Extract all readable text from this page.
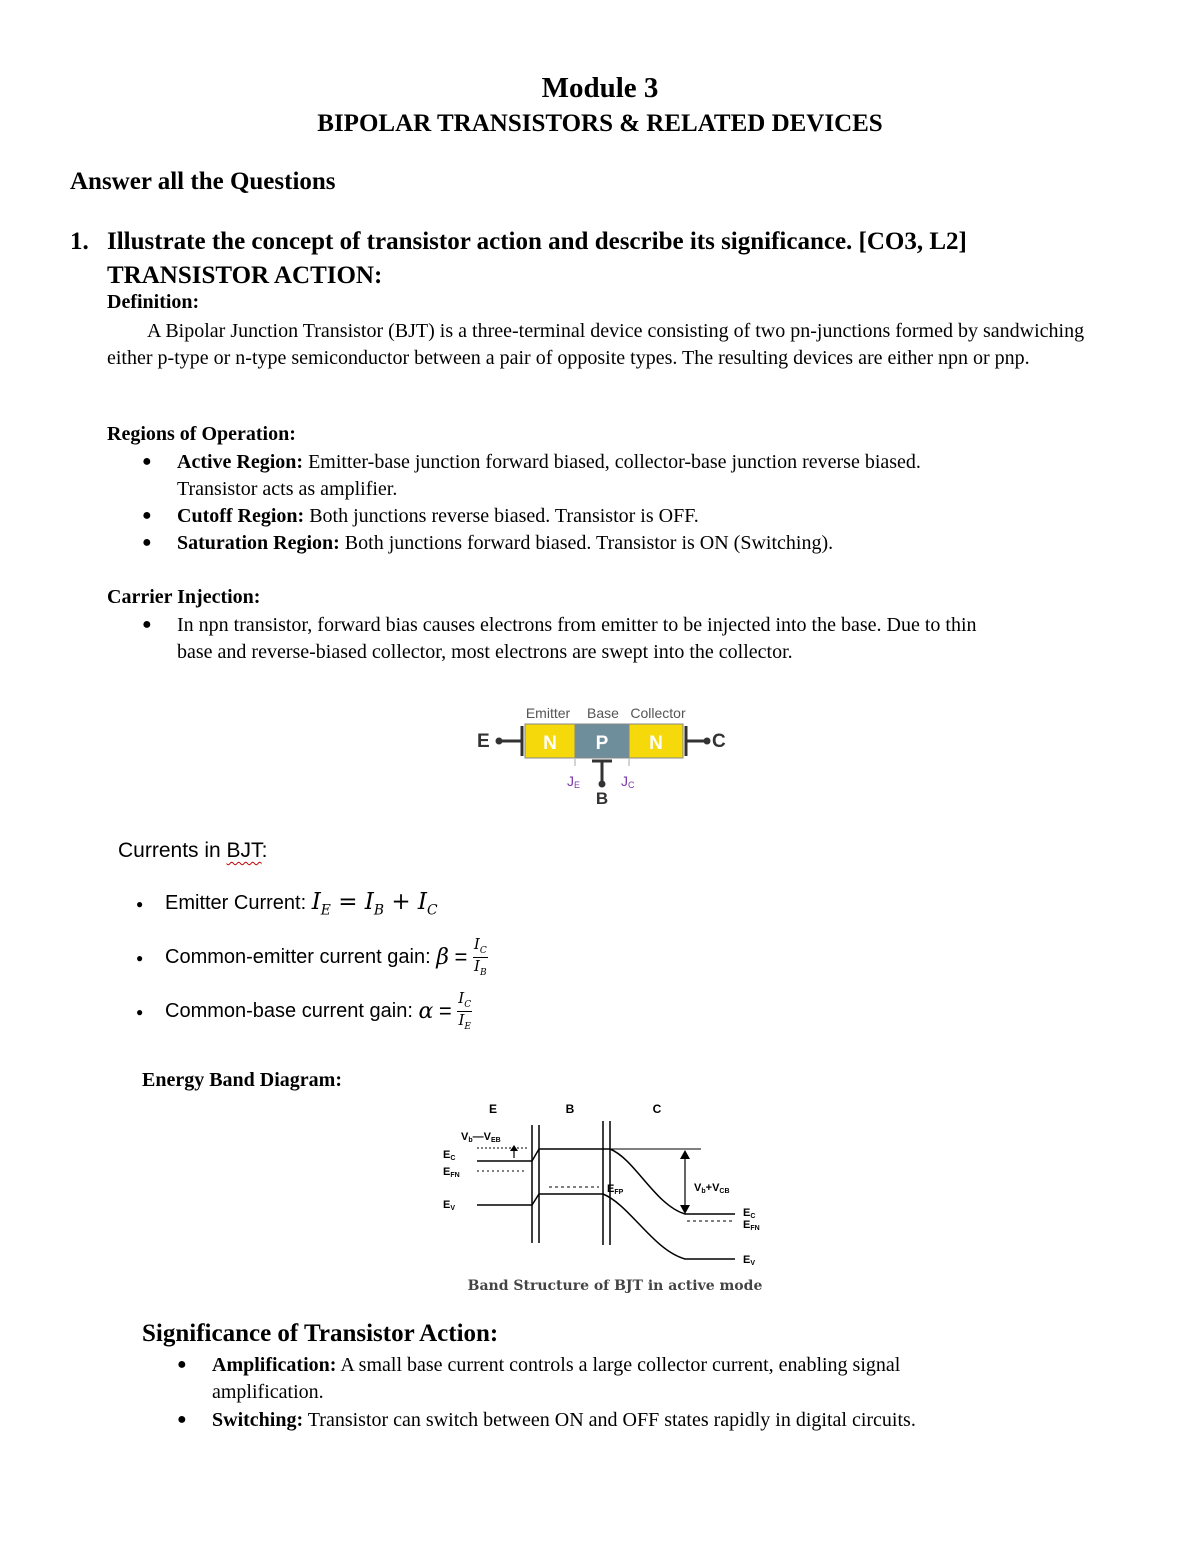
Module 3
BIPOLAR TRANSISTORS & RELATED DEVICES
Answer all the Questions
1. Illustrate the concept of transistor action and describe its significance. [CO3, L2]
TRANSISTOR ACTION:
Definition:
A Bipolar Junction Transistor (BJT) is a three-terminal device consisting of two pn-junctions formed by sandwiching either p-type or n-type semiconductor between a pair of opposite types. The resulting devices are either npn or pnp.
Regions of Operation:
● Active Region: Emitter-base junction forward biased, collector-base junction reverse biased.
Transistor acts as amplifier.
● Cutoff Region: Both junctions reverse biased. Transistor is OFF.
● Saturation Region: Both junctions forward biased. Transistor is ON (Switching).
Carrier Injection:
● In npn transistor, forward bias causes electrons from emitter to be injected into the base. Due to thin
base and reverse-biased collector, most electrons are swept into the collector.
Emitter Base Collector
N P N
E	C
B
JE	JC
Currents in BJT:
● Emitter Current: $I_E = I_B + I_C$
● Common-emitter current gain: $\beta = \frac{I_C}{I_B}$
● Common-base current gain: $\alpha = \frac{I_C}{I_E}$
Energy Band Diagram:
E	B	C
Vb—VEB
EC
EFN
EV
EFP	Vb+VCB
EC
EFN
EV
Band Structure of BJT in active mode
Significance of Transistor Action:
● Amplification: A small base current controls a large collector current, enabling signal
amplification.
● Switching: Transistor can switch between ON and OFF states rapidly in digital circuits.
